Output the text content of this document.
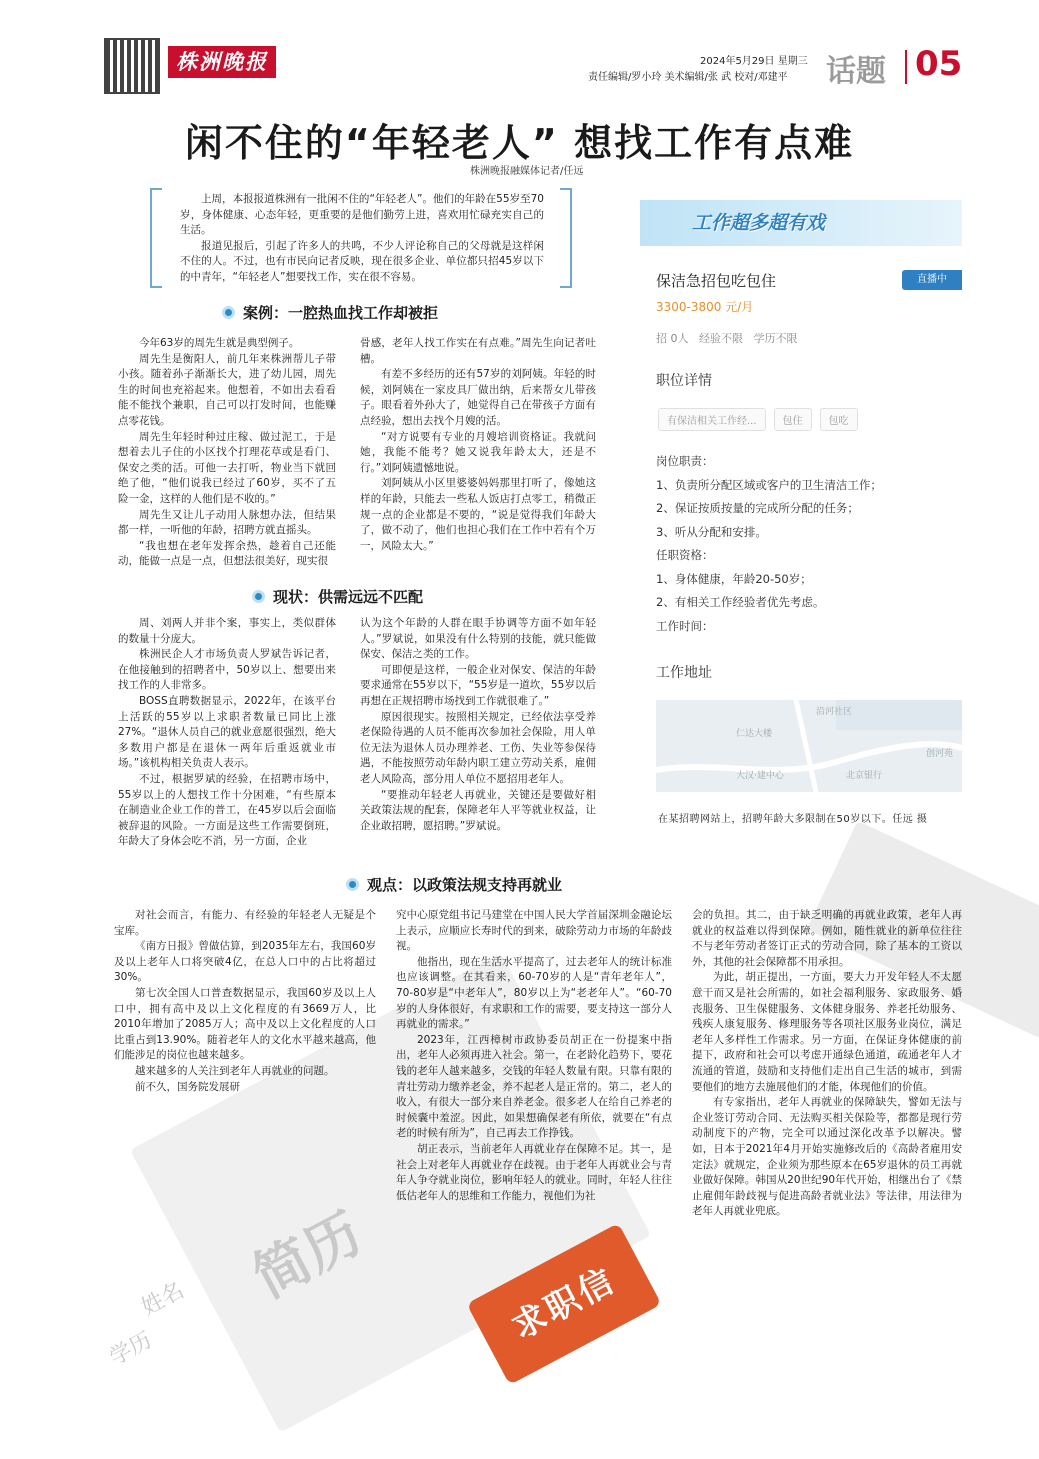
株洲晚报	2024年5月29日 星期三
责任编辑/罗小玲 美术编辑/张 武 校对/邓建平 话题 05
闲不住的“年轻老人” 想找工作有点难
株洲晚报融媒体记者/任远

上周，本报报道株洲有一批闲不住的“年轻老人”。他们的年龄在55岁至70岁，身体健康、心态年轻，更重要的是他们勤劳上进，喜欢用忙碌充实自己的生活。

报道见报后，引起了许多人的共鸣，不少人评论称自己的父母就是这样闲不住的人。不过，也有市民向记者反映，现在很多企业、单位都只招45岁以下的中青年，“年轻老人”想要找工作，实在很不容易。

案例：一腔热血找工作却被拒

今年63岁的周先生就是典型例子。

周先生是衡阳人，前几年来株洲帮儿子带小孩。随着孙子渐渐长大，进了幼儿园，周先生的时间也充裕起来。他想着，不如出去看看能不能找个兼职，自己可以打发时间，也能赚点零花钱。

周先生年轻时种过庄稼、做过泥工，于是想着去儿子住的小区找个打理花草或是看门、保安之类的活。可他一去打听，物业当下就回绝了他，“他们说我已经过了60岁，买不了五险一金，这样的人他们是不收的。”

周先生又让儿子动用人脉想办法，但结果都一样，一听他的年龄，招聘方就直摇头。

“我也想在老年发挥余热，趁着自己还能动，能做一点是一点，但想法很美好，现实很

骨感，老年人找工作实在有点难。”周先生向记者吐槽。

有差不多经历的还有57岁的刘阿姨。年轻的时候，刘阿姨在一家皮具厂做出纳，后来帮女儿带孩子。眼看着外孙大了，她觉得自己在带孩子方面有点经验，想出去找个月嫂的活。

“对方说要有专业的月嫂培训资格证。我就问她，我能不能考？她又说我年龄太大，还是不行。”刘阿姨遗憾地说。

刘阿姨从小区里婆婆妈妈那里打听了，像她这样的年龄，只能去一些私人饭店打点零工，稍微正规一点的企业都是不要的，“说是觉得我们年龄大了，做不动了，他们也担心我们在工作中若有个万一，风险太大。”

现状：供需远远不匹配

周、刘两人并非个案，事实上，类似群体的数量十分庞大。

株洲民企人才市场负责人罗斌告诉记者，在他接触到的招聘者中，50岁以上、想要出来找工作的人非常多。

BOSS直聘数据显示，2022年，在该平台上活跃的55岁以上求职者数量已同比上涨27%。“退休人员自己的就业意愿很强烈，绝大多数用户都是在退休一两年后重返就业市场。”该机构相关负责人表示。

不过，根据罗斌的经验，在招聘市场中，55岁以上的人想找工作十分困难，“有些原本在制造业企业工作的普工，在45岁以后会面临被辞退的风险。一方面是这些工作需要倒班，年龄大了身体会吃不消，另一方面，企业

认为这个年龄的人群在眼手协调等方面不如年轻人。”罗斌说，如果没有什么特别的技能，就只能做保安、保洁之类的工作。

可即便是这样，一般企业对保安、保洁的年龄要求通常在55岁以下，“55岁是一道坎，55岁以后再想在正规招聘市场找到工作就很难了。”

原因很现实。按照相关规定，已经依法享受养老保险待遇的人员不能再次参加社会保险，用人单位无法为退休人员办理养老、工伤、失业等参保待遇，不能按照劳动年龄内职工建立劳动关系，雇佣老人风险高，部分用人单位不愿招用老年人。

“要推动年轻老人再就业，关键还是要做好相关政策法规的配套，保障老年人平等就业权益，让企业敢招聘，愿招聘。”罗斌说。

工作超多超有戏
保洁急招包吃包住	直播中
3300-3800 元/月
招 0人 经验不限 学历不限
职位详情
有保洁相关工作经...	包住	包吃
岗位职责：
1、负责所分配区域或客户的卫生清洁工作；
2、保证按质按量的完成所分配的任务；
3、听从分配和安排。
任职资格：
1、身体健康，年龄20-50岁；
2、有相关工作经验者优先考虑。
工作时间：
工作地址
沿河社区
仁达大楼
创河苑
大汉·建中心	北京银行
在某招聘网站上，招聘年龄大多限制在50岁以下。任远 摄
简历
姓名
学历
求职信
观点：以政策法规支持再就业

对社会而言，有能力、有经验的年轻老人无疑是个宝库。

《南方日报》曾做估算，到2035年左右，我国60岁及以上老年人口将突破4亿，在总人口中的占比将超过30%。

第七次全国人口普查数据显示，我国60岁及以上人口中，拥有高中及以上文化程度的有3669万人，比2010年增加了2085万人；高中及以上文化程度的人口比重占到13.90%。随着老年人的文化水平越来越高，他们能涉足的岗位也越来越多。

越来越多的人关注到老年人再就业的问题。

前不久，国务院发展研

究中心原党组书记马建堂在中国人民大学首届深圳金融论坛上表示，应顺应长寿时代的到来，破除劳动力市场的年龄歧视。

他指出，现在生活水平提高了，过去老年人的统计标准也应该调整。在其看来，60-70岁的人是“青年老年人”，70-80岁是“中老年人”，80岁以上为“老老年人”。“60-70岁的人身体很好，有求职和工作的需要，要支持这一部分人再就业的需求。”

2023年，江西樟树市政协委员胡正在一份提案中指出，老年人必须再进入社会。第一，在老龄化趋势下，要花钱的老年人越来越多，交钱的年轻人数量有限。只靠有限的青壮劳动力缴养老金，养不起老人是正常的。第二，老人的收入，有很大一部分来自养老金。很多老人在给自己养老的时候囊中羞涩。因此，如果想确保老有所依，就要在“有点老的时候有所为”，自己再去工作挣钱。

胡正表示，当前老年人再就业存在保障不足。其一，是社会上对老年人再就业存在歧视。由于老年人再就业会与青年人争夺就业岗位，影响年轻人的就业。同时，年轻人往往低估老年人的思维和工作能力，视他们为社

会的负担。其二，由于缺乏明确的再就业政策，老年人再就业的权益难以得到保障。例如，随性就业的新单位往往不与老年劳动者签订正式的劳动合同，除了基本的工资以外，其他的社会保障都不用承担。

为此，胡正提出，一方面，要大力开发年轻人不太愿意干而又是社会所需的，如社会福利服务、家政服务、婚丧服务、卫生保健服务、文体健身服务、养老托幼服务、残疾人康复服务、修理服务等各项社区服务业岗位，满足老年人多样性工作需求。另一方面，在保证身体健康的前提下，政府和社会可以考虑开通绿色通道，疏通老年人才流通的管道，鼓励和支持他们走出自己生活的城市，到需要他们的地方去施展他们的才能，体现他们的价值。

有专家指出，老年人再就业的保障缺失，譬如无法与企业签订劳动合同、无法购买相关保险等，都都是现行劳动制度下的产物，完全可以通过深化改革予以解决。譬如，日本于2021年4月开始实施修改后的《高龄者雇用安定法》就规定，企业须为那些原本在65岁退休的员工再就业做好保障。韩国从20世纪90年代开始，相继出台了《禁止雇佣年龄歧视与促进高龄者就业法》等法律，用法律为老年人再就业兜底。
